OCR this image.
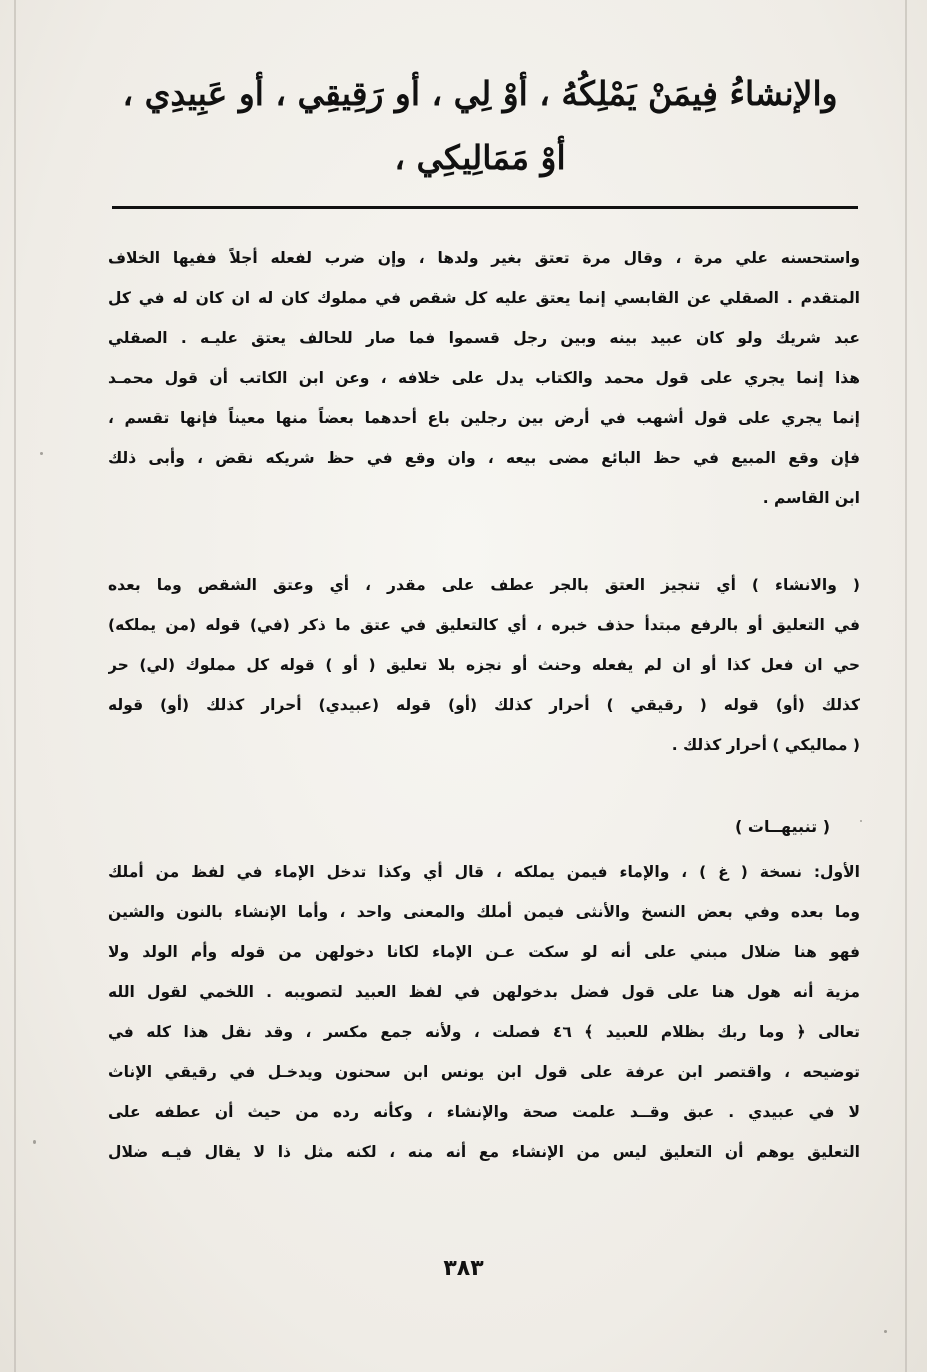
والإنشاءُ فِيمَنْ يَمْلِكُهُ ، أوْ لِي ، أو رَقِيقِي ، أو عَبِيدِي ،
أوْ مَمَالِيكِي ،
واستحسنه علي مرة ، وقال مرة تعتق بغير ولدها ، وإن ضرب لفعله أجلاً ففيها الخلاف
المتقدم . الصقلي عن القابسي إنما يعتق عليه كل شقص في مملوك كان له ان كان له في كل
عبد شريك ولو كان عبيد بينه وبين رجل قسموا فما صار للحالف يعتق عليـه . الصقلي
هذا إنما يجري على قول محمد والكتاب يدل على خلافه ، وعن ابن الكاتب أن قول محمـد
إنما يجري على قول أشهب في أرض بين رجلين باع أحدهما بعضاً منها معيناً فإنها تقسم ،
فإن وقع المبيع في حظ البائع مضى بيعه ، وان وقع في حظ شريكه نقض ، وأبى ذلك
ابن القاسم .
( والانشاء ) أي تنجيز العتق بالجر عطف على مقدر ، أي وعتق الشقص وما بعده
في التعليق أو بالرفع مبتدأ حذف خبره ، أي كالتعليق في عتق ما ذكر (في) قوله (من يملكه)
حي ان فعل كذا أو ان لم يفعله وحنث أو نجزه بلا تعليق ( أو ) قوله كل مملوك (لي) حر
كذلك (أو) قوله ( رقيقي ) أحرار كذلك (أو) قوله (عبيدي) أحرار كذلك (أو) قوله
( مماليكي ) أحرار كذلك .
( تنبيهــات )
الأول: نسخة ( غ ) ، والإماء فيمن يملكه ، قال أي وكذا تدخل الإماء في لفظ من أملك
وما بعده وفي بعض النسخ والأنثى فيمن أملك والمعنى واحد ، وأما الإنشاء بالنون والشين
فهو هنا ضلال مبني على أنه لو سكت عـن الإماء لكانا دخولهن من قوله وأم الولد ولا
مزية أنه هول هنا على قول فضل بدخولهن في لفظ العبيد لتصويبه . اللخمي لقول الله
تعالى ﴿ وما ربك بظلام للعبيد ﴾ ٤٦ فصلت ، ولأنه جمع مكسر ، وقد نقل هذا كله في
توضيحه ، واقتصر ابن عرفة على قول ابن يونس ابن سحنون ويدخـل في رقيقي الإناث
لا في عبيدي . عبق وقــد علمت صحة والإنشاء ، وكأنه رده من حيث أن عطفه على
التعليق يوهم أن التعليق ليس من الإنشاء مع أنه منه ، لكنه مثل ذا لا يقال فيـه ضلال
٣٨٣
